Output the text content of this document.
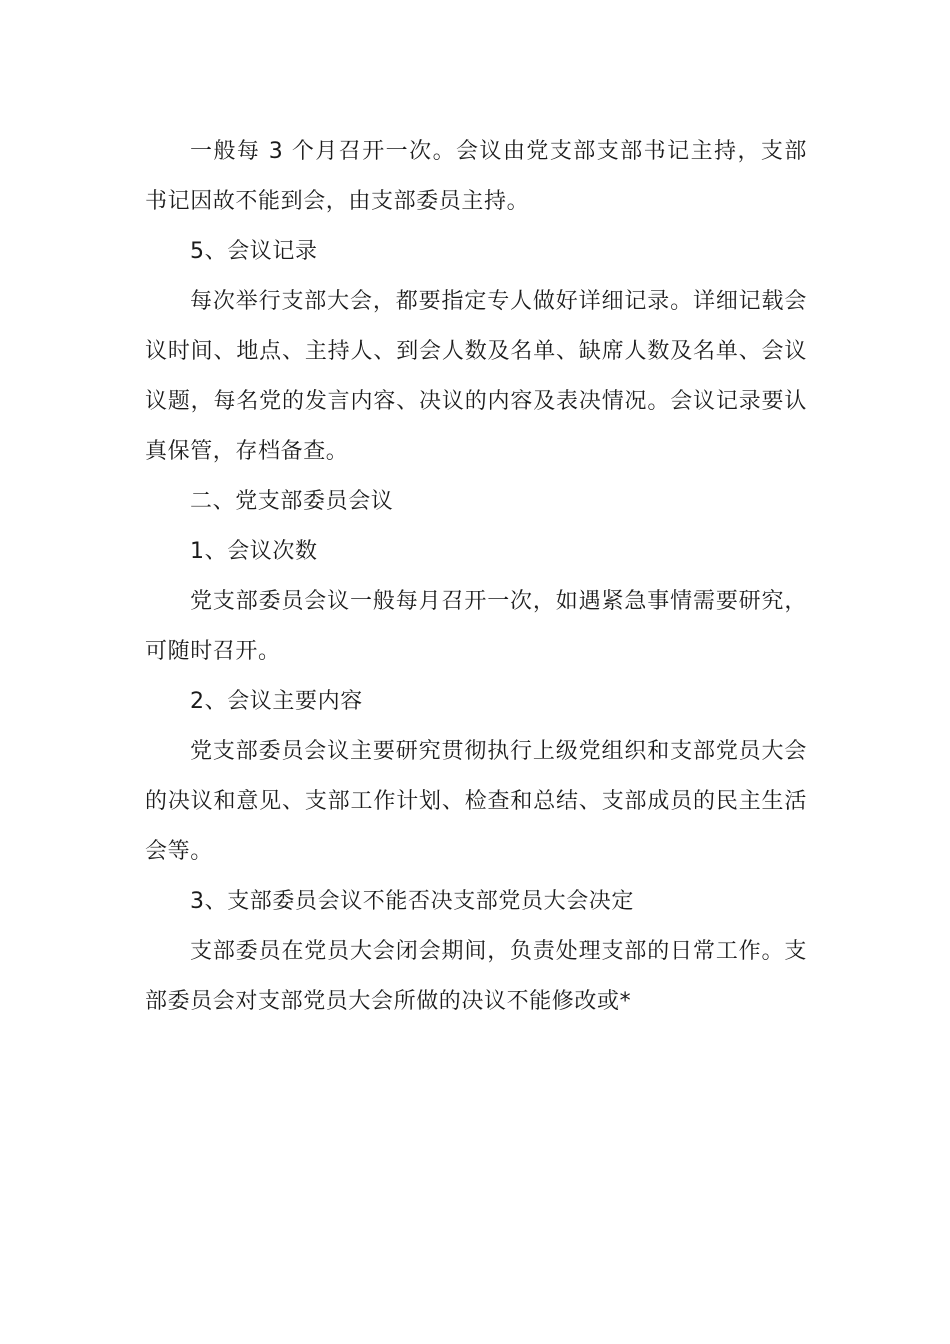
一般每 3 个月召开一次。会议由党支部支部书记主持，支部书记因故不能到会，由支部委员主持。

5、会议记录

每次举行支部大会，都要指定专人做好详细记录。详细记载会议时间、地点、主持人、到会人数及名单、缺席人数及名单、会议议题，每名党的发言内容、决议的内容及表决情况。会议记录要认真保管，存档备查。

二、党支部委员会议

1、会议次数

党支部委员会议一般每月召开一次，如遇紧急事情需要研究，可随时召开。

2、会议主要内容

党支部委员会议主要研究贯彻执行上级党组织和支部党员大会的决议和意见、支部工作计划、检查和总结、支部成员的民主生活会等。

3、支部委员会议不能否决支部党员大会决定

支部委员在党员大会闭会期间，负责处理支部的日常工作。支部委员会对支部党员大会所做的决议不能修改或*
